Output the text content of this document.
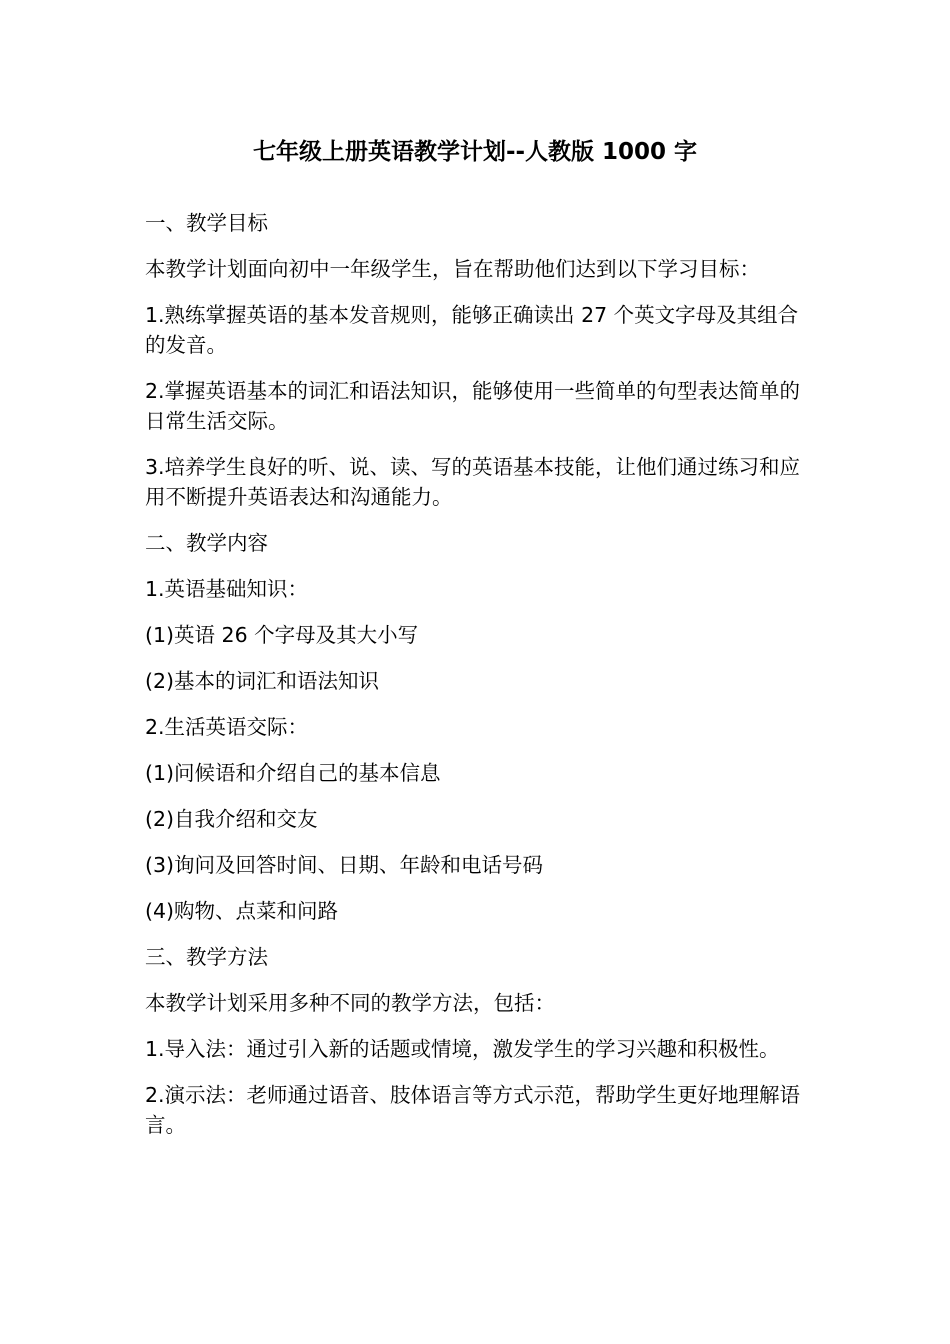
七年级上册英语教学计划--人教版 1000 字

一、教学目标

本教学计划面向初中一年级学生，旨在帮助他们达到以下学习目标：

1.熟练掌握英语的基本发音规则，能够正确读出 27 个英文字母及其组合的发音。

2.掌握英语基本的词汇和语法知识，能够使用一些简单的句型表达简单的日常生活交际。

3.培养学生良好的听、说、读、写的英语基本技能，让他们通过练习和应用不断提升英语表达和沟通能力。

二、教学内容

1.英语基础知识：

(1)英语 26 个字母及其大小写

(2)基本的词汇和语法知识

2.生活英语交际：

(1)问候语和介绍自己的基本信息

(2)自我介绍和交友

(3)询问及回答时间、日期、年龄和电话号码

(4)购物、点菜和问路

三、教学方法

本教学计划采用多种不同的教学方法，包括：

1.导入法：通过引入新的话题或情境，激发学生的学习兴趣和积极性。

2.演示法：老师通过语音、肢体语言等方式示范，帮助学生更好地理解语言。
